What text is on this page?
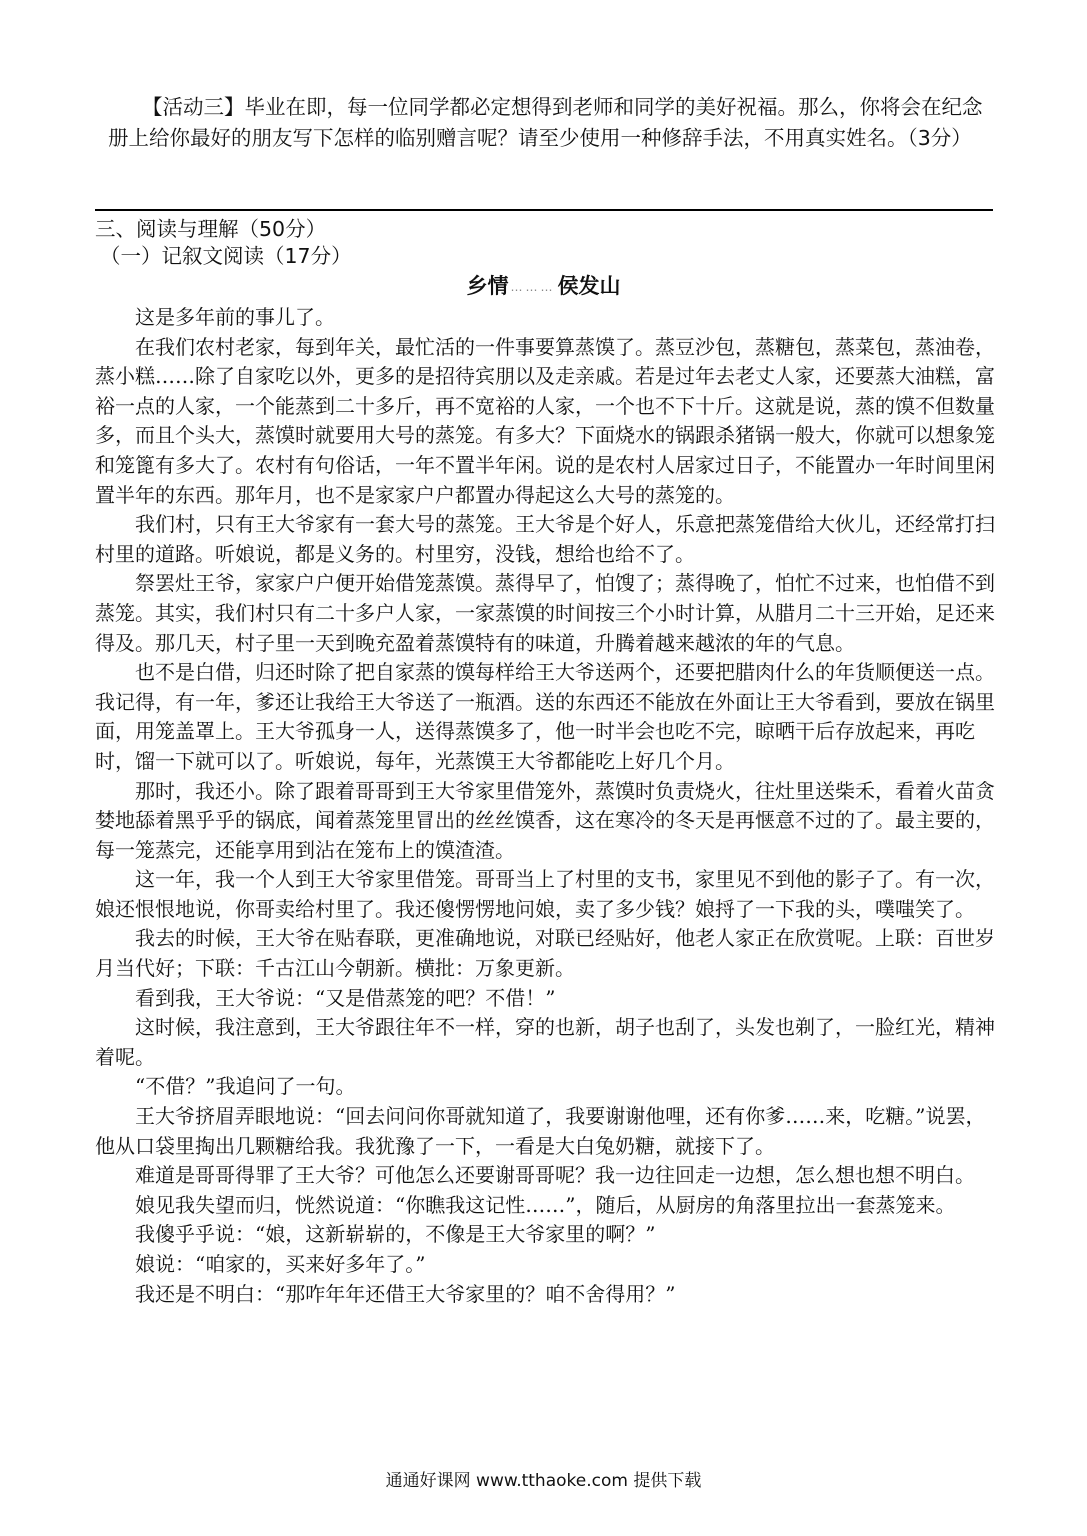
【活动三】毕业在即，每一位同学都必定想得到老师和同学的美好祝福。那么，你将会在纪念册上给你最好的朋友写下怎样的临别赠言呢？请至少使用一种修辞手法，不用真实姓名。（3分）

三、阅读与理解（50分）
（一）记叙文阅读（17分）
乡情 ………侯发山

这是多年前的事儿了。

在我们农村老家，每到年关，最忙活的一件事要算蒸馍了。蒸豆沙包，蒸糖包，蒸菜包，蒸油卷，蒸小糕……除了自家吃以外，更多的是招待宾朋以及走亲戚。若是过年去老丈人家，还要蒸大油糕，富裕一点的人家，一个能蒸到二十多斤，再不宽裕的人家，一个也不下十斤。这就是说，蒸的馍不但数量多，而且个头大，蒸馍时就要用大号的蒸笼。有多大？下面烧水的锅跟杀猪锅一般大，你就可以想象笼和笼篦有多大了。农村有句俗话，一年不置半年闲。说的是农村人居家过日子，不能置办一年时间里闲置半年的东西。那年月，也不是家家户户都置办得起这么大号的蒸笼的。

我们村，只有王大爷家有一套大号的蒸笼。王大爷是个好人，乐意把蒸笼借给大伙儿，还经常打扫村里的道路。听娘说，都是义务的。村里穷，没钱，想给也给不了。

祭罢灶王爷，家家户户便开始借笼蒸馍。蒸得早了，怕馊了；蒸得晚了，怕忙不过来，也怕借不到蒸笼。其实，我们村只有二十多户人家，一家蒸馍的时间按三个小时计算，从腊月二十三开始，足还来得及。那几天，村子里一天到晚充盈着蒸馍特有的味道，升腾着越来越浓的年的气息。

也不是白借，归还时除了把自家蒸的馍每样给王大爷送两个，还要把腊肉什么的年货顺便送一点。我记得，有一年，爹还让我给王大爷送了一瓶酒。送的东西还不能放在外面让王大爷看到，要放在锅里面，用笼盖罩上。王大爷孤身一人，送得蒸馍多了，他一时半会也吃不完，晾晒干后存放起来，再吃时，馏一下就可以了。听娘说，每年，光蒸馍王大爷都能吃上好几个月。

那时，我还小。除了跟着哥哥到王大爷家里借笼外，蒸馍时负责烧火，往灶里送柴禾，看着火苗贪婪地舔着黑乎乎的锅底，闻着蒸笼里冒出的丝丝馍香，这在寒冷的冬天是再惬意不过的了。最主要的，每一笼蒸完，还能享用到沾在笼布上的馍渣渣。

这一年，我一个人到王大爷家里借笼。哥哥当上了村里的支书，家里见不到他的影子了。有一次，娘还恨恨地说，你哥卖给村里了。我还傻愣愣地问娘，卖了多少钱？娘捋了一下我的头，噗嗤笑了。

我去的时候，王大爷在贴春联，更准确地说，对联已经贴好，他老人家正在欣赏呢。上联：百世岁月当代好；下联：千古江山今朝新。横批：万象更新。

看到我，王大爷说：“又是借蒸笼的吧？不借！”

这时候，我注意到，王大爷跟往年不一样，穿的也新，胡子也刮了，头发也剃了，一脸红光，精神着呢。

“不借？”我追问了一句。

王大爷挤眉弄眼地说：“回去问问你哥就知道了，我要谢谢他哩，还有你爹……来，吃糖。”说罢，他从口袋里掏出几颗糖给我。我犹豫了一下，一看是大白兔奶糖，就接下了。

难道是哥哥得罪了王大爷？可他怎么还要谢哥哥呢？我一边往回走一边想，怎么想也想不明白。

娘见我失望而归，恍然说道：“你瞧我这记性……”，随后，从厨房的角落里拉出一套蒸笼来。

我傻乎乎说：“娘，这新崭崭的，不像是王大爷家里的啊？”

娘说：“咱家的，买来好多年了。”

我还是不明白：“那咋年年还借王大爷家里的？咱不舍得用？”

通通好课网 www.tthaoke.com 提供下载
